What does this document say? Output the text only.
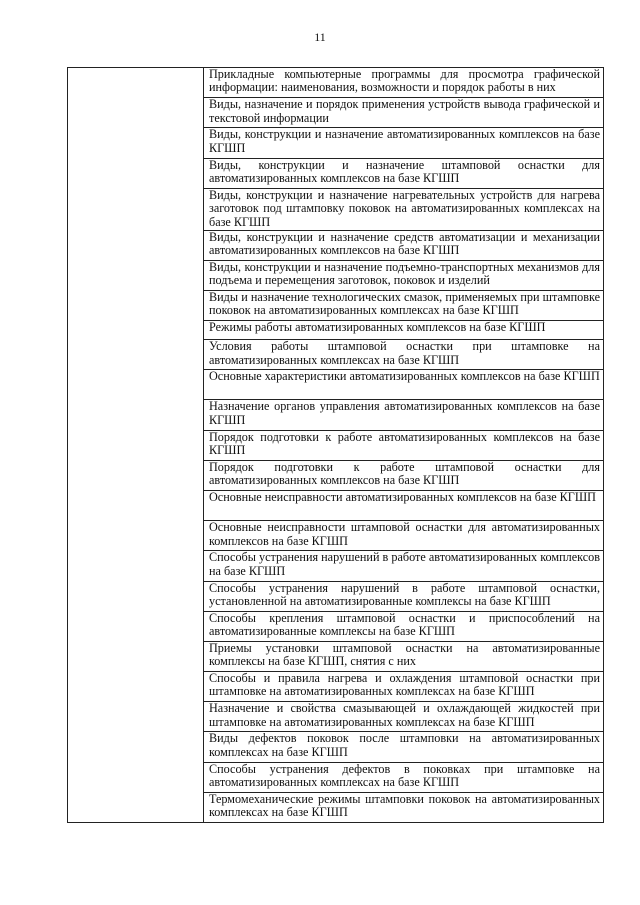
11
Прикладные компьютерные программы для просмотра графической информации: наименования, возможности и порядок работы в них
Виды, назначение и порядок применения устройств вывода графической и текстовой информации
Виды, конструкции и назначение автоматизированных комплексов на базе КГШП
Виды, конструкции и назначение штамповой оснастки для автоматизированных комплексов на базе КГШП
Виды, конструкции и назначение нагревательных устройств для нагрева заготовок под штамповку поковок на автоматизированных комплексах на базе КГШП
Виды, конструкции и назначение средств автоматизации и механизации автоматизированных комплексов на базе КГШП
Виды, конструкции и назначение подъемно-транспортных механизмов для подъема и перемещения заготовок, поковок и изделий
Виды и назначение технологических смазок, применяемых при штамповке поковок на автоматизированных комплексах на базе КГШП
Режимы работы автоматизированных комплексов на базе КГШП
Условия работы штамповой оснастки при штамповке на автоматизированных комплексах на базе КГШП
Основные характеристики автоматизированных комплексов на базе КГШП
Назначение органов управления автоматизированных комплексов на базе КГШП
Порядок подготовки к работе автоматизированных комплексов на базе КГШП
Порядок подготовки к работе штамповой оснастки для автоматизированных комплексов на базе КГШП
Основные неисправности автоматизированных комплексов на базе КГШП
Основные неисправности штамповой оснастки для автоматизированных комплексов на базе КГШП
Способы устранения нарушений в работе автоматизированных комплексов на базе КГШП
Способы устранения нарушений в работе штамповой оснастки, установленной на автоматизированные комплексы на базе КГШП
Способы крепления штамповой оснастки и приспособлений на автоматизированные комплексы на базе КГШП
Приемы установки штамповой оснастки на автоматизированные комплексы на базе КГШП, снятия с них
Способы и правила нагрева и охлаждения штамповой оснастки при штамповке на автоматизированных комплексах на базе КГШП
Назначение и свойства смазывающей и охлаждающей жидкостей при штамповке на автоматизированных комплексах на базе КГШП
Виды дефектов поковок после штамповки на автоматизированных комплексах на базе КГШП
Способы устранения дефектов в поковках при штамповке на автоматизированных комплексах на базе КГШП
Термомеханические режимы штамповки поковок на автоматизированных комплексах на базе КГШП
